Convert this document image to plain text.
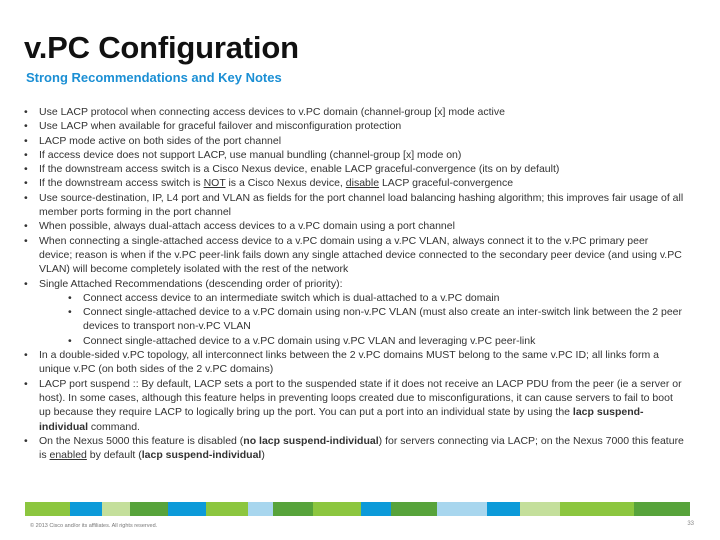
v.PC Configuration
Strong Recommendations and Key Notes
• Use LACP protocol when connecting access devices to v.PC domain (channel-group [x] mode active
• Use LACP when available for graceful failover and misconfiguration protection
• LACP mode active on both sides of the port channel
• If access device does not support LACP, use manual bundling (channel-group [x] mode on)
• If the downstream access switch is a Cisco Nexus device, enable LACP graceful-convergence (its on by default)
• If the downstream access switch is NOT is a Cisco Nexus device, disable LACP graceful-convergence
• Use source-destination, IP, L4 port and VLAN as fields for the port channel load balancing hashing algorithm; this improves fair usage of all member ports forming in the port channel
• When possible, always dual-attach access devices to a v.PC domain using a port channel
• When connecting a single-attached access device to a v.PC domain using a v.PC VLAN, always connect it to the v.PC primary peer device; reason is when if the v.PC peer-link fails down any single attached device connected to the secondary peer device (and using v.PC VLAN) will become completely isolated with the rest of the network
• Single Attached Recommendations (descending order of priority):
• Connect access device to an intermediate switch which is dual-attached to a v.PC domain
• Connect single-attached device to a v.PC domain using non-v.PC VLAN (must also create an inter-switch link between the 2 peer devices to transport non-v.PC VLAN
• Connect single-attached device to a v.PC domain using v.PC VLAN and leveraging v.PC peer-link
• In a double-sided v.PC topology, all interconnect links between the 2 v.PC domains MUST belong to the same v.PC ID; all links form a unique v.PC (on both sides of the 2 v.PC domains)
• LACP port suspend :: By default, LACP sets a port to the suspended state if it does not receive an LACP PDU from the peer (ie a server or host). In some cases, although this feature helps in preventing loops created due to misconfigurations, it can cause servers to fail to boot up because they require LACP to logically bring up the port. You can put a port into an individual state by using the lacp suspend-individual command.
• On the Nexus 5000 this feature is disabled (no lacp suspend-individual) for servers connecting via LACP; on the Nexus 7000 this feature is enabled by default (lacp suspend-individual)
© 2013 Cisco and/or its affiliates. All rights reserved.	33
